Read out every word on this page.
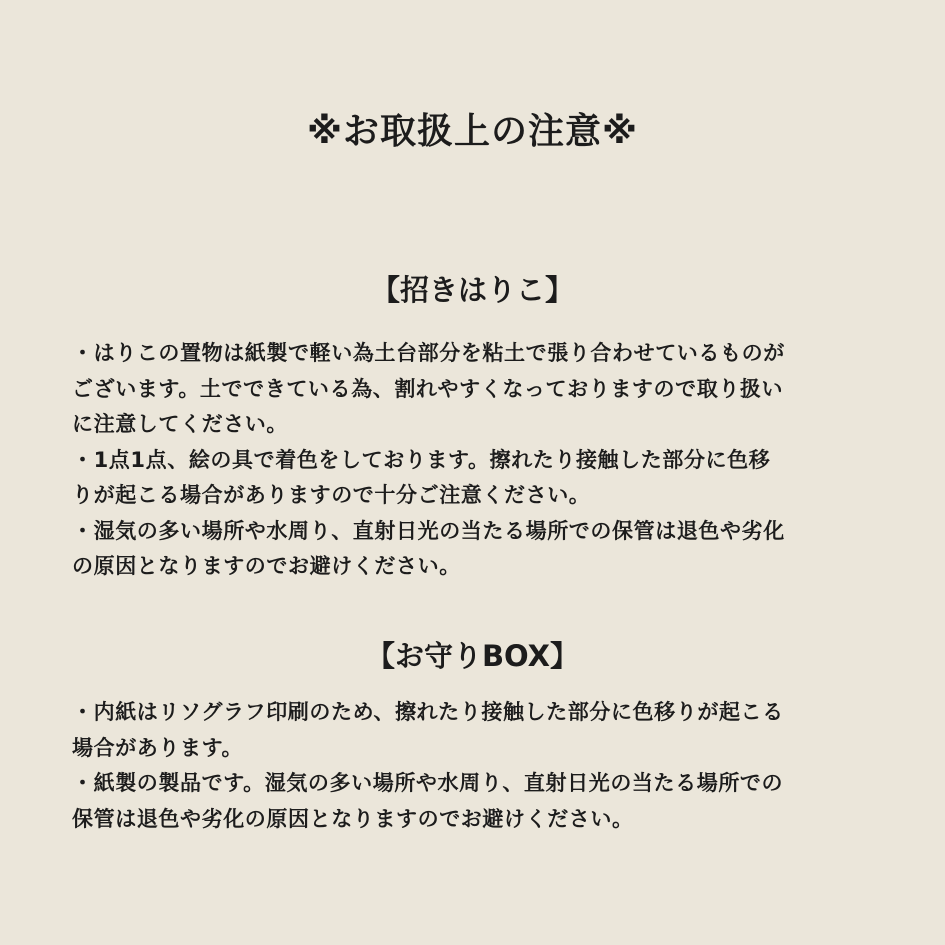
※お取扱上の注意※
【招きはりこ】
・はりこの置物は紙製で軽い為土台部分を粘土で張り合わせているものが
ございます。土でできている為、割れやすくなっておりますので取り扱い
に注意してください。
・1点1点、絵の具で着色をしております。擦れたり接触した部分に色移
りが起こる場合がありますので十分ご注意ください。
・湿気の多い場所や水周り、直射日光の当たる場所での保管は退色や劣化
の原因となりますのでお避けください。
【お守りBOX】
・内紙はリソグラフ印刷のため、擦れたり接触した部分に色移りが起こる
場合があります。
・紙製の製品です。湿気の多い場所や水周り、直射日光の当たる場所での
保管は退色や劣化の原因となりますのでお避けください。
